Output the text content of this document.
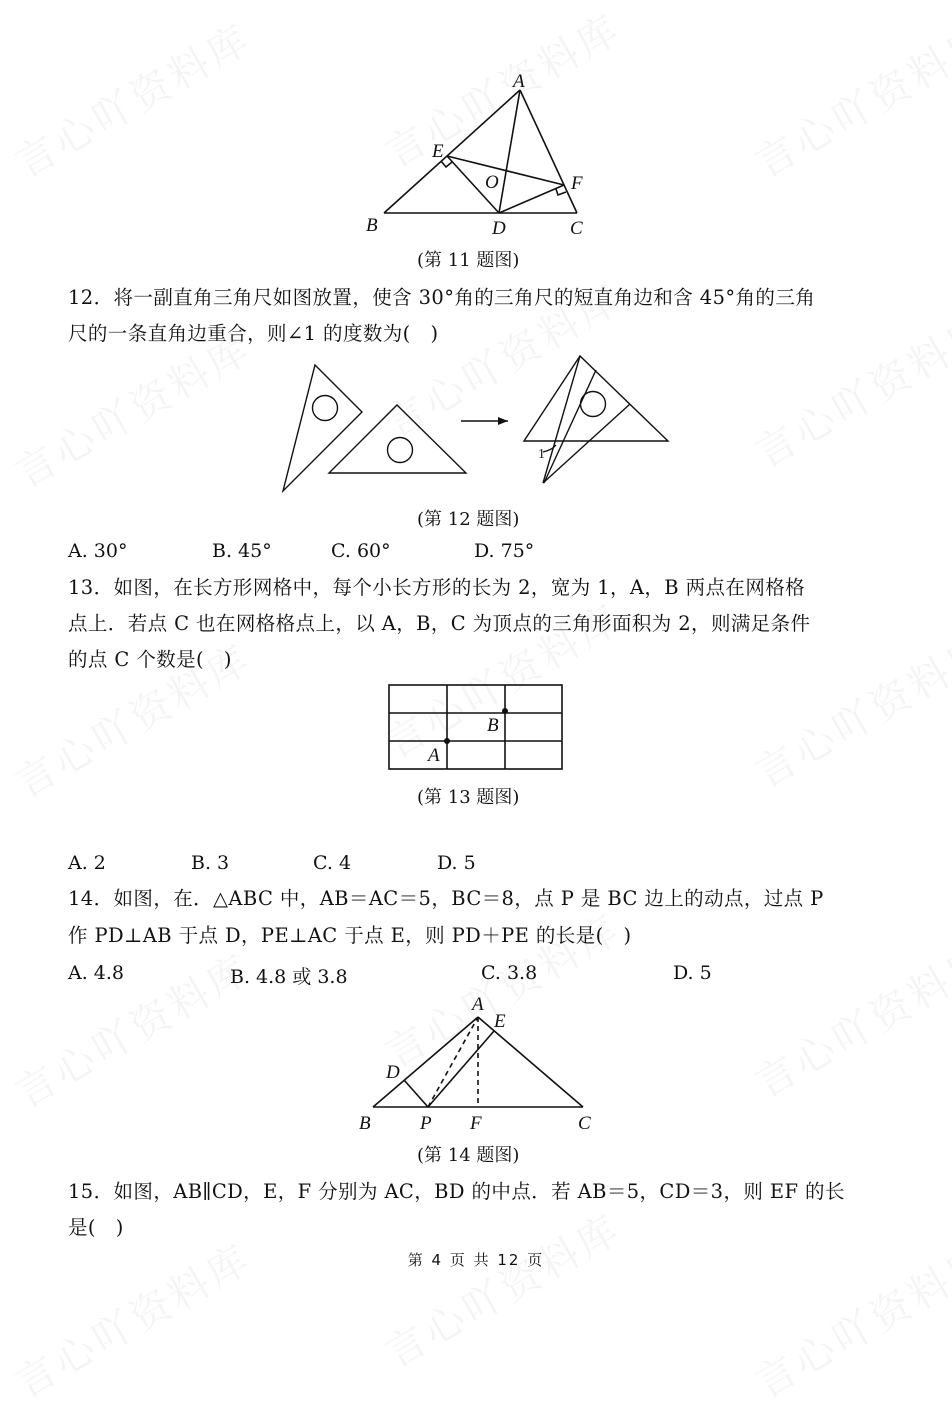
A
E
O	F
B	D	C
(第 11 题图)
12．将一副直角三角尺如图放置，使含 30°角的三角尺的短直角边和含 45°角的三角
尺的一条直角边重合，则∠1 的度数为(　)
1
(第 12 题图)
A. 30°	B. 45°	C. 60°	D. 75°
13．如图，在长方形网格中，每个小长方形的长为 2，宽为 1，A，B 两点在网格格
点上．若点 C 也在网格格点上，以 A，B，C 为顶点的三角形面积为 2，则满足条件
的点 C 个数是(　)
B
A
(第 13 题图)
A. 2	B. 3	C. 4	D. 5
14．如图，在．△ABC 中，AB＝AC＝5，BC＝8，点 P 是 BC 边上的动点，过点 P
作 PD⊥AB 于点 D，PE⊥AC 于点 E，则 PD＋PE 的长是(　)
A. 4.8	B. 4.8 或 3.8	C. 3.8	D. 5
A
E
D
B	P F	C
(第 14 题图)
15．如图，AB∥CD，E，F 分别为 AC，BD 的中点．若 AB＝5，CD＝3，则 EF 的长
是(　)
第 4 页 共 12 页
